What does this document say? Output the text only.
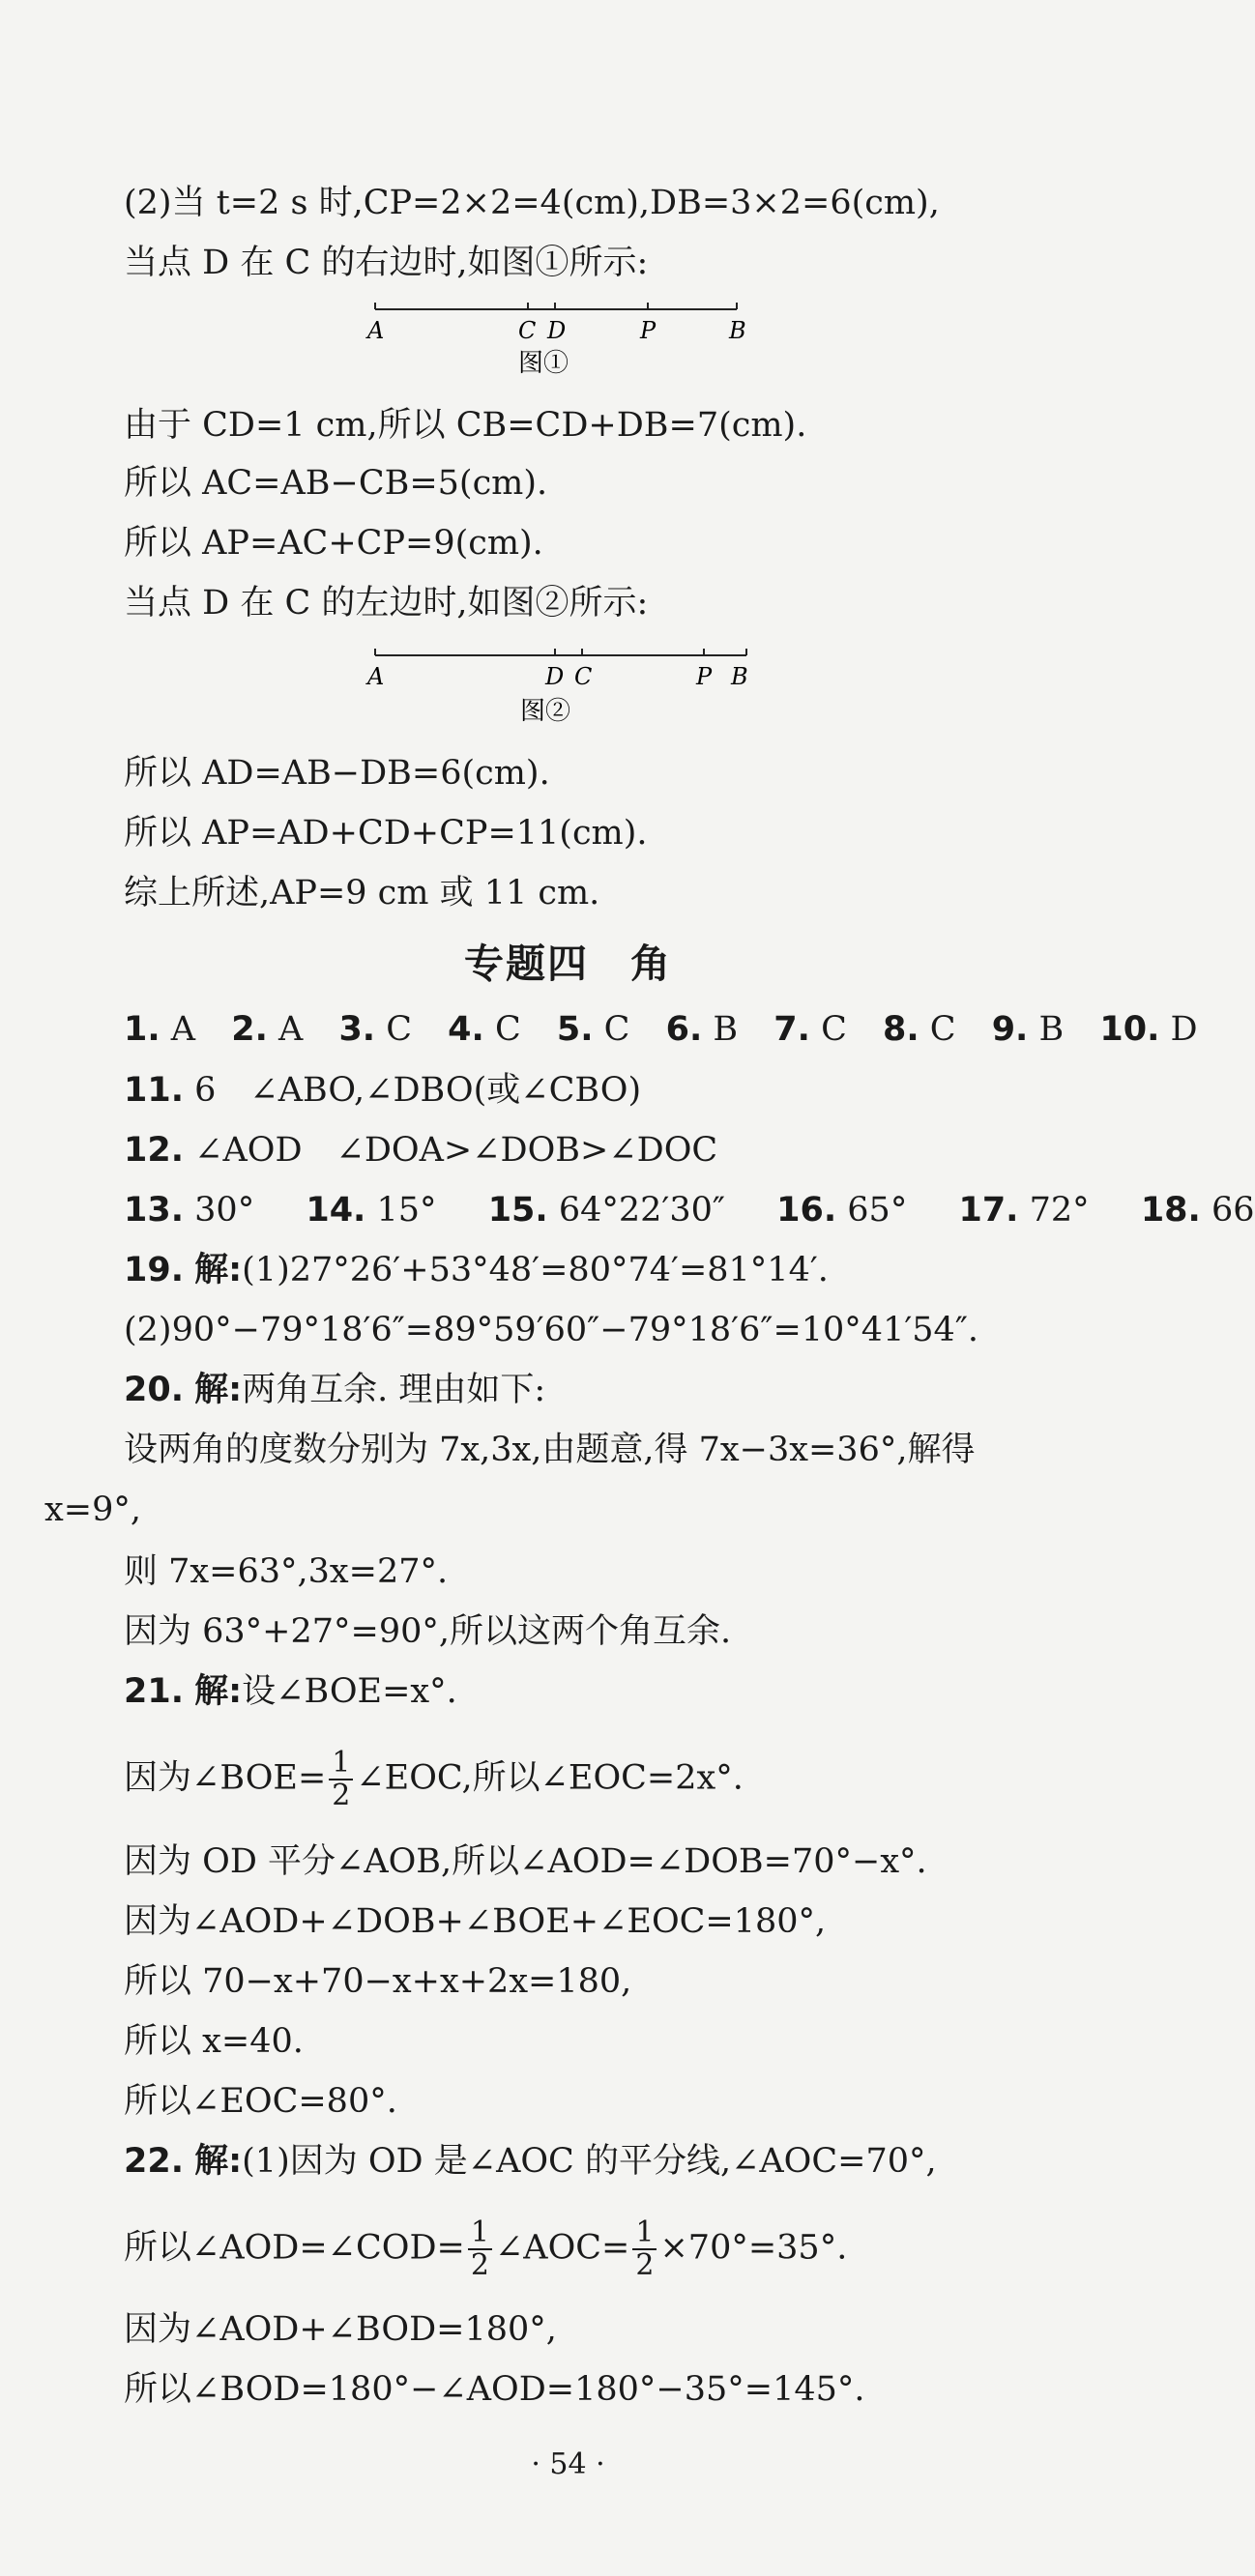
(2)当 t=2 s 时,CP=2×2=4(cm),DB=3×2=6(cm),
当点 D 在 C 的右边时,如图①所示:
A	C D	P	B
图①
由于 CD=1 cm,所以 CB=CD+DB=7(cm).
所以 AC=AB−CB=5(cm).
所以 AP=AC+CP=9(cm).
当点 D 在 C 的左边时,如图②所示:
A	D C	P B
图②
所以 AD=AB−DB=6(cm).
所以 AP=AD+CD+CP=11(cm).
综上所述,AP=9 cm 或 11 cm.
专题四　角
1. A 2. A 3. C 4. C 5. C 6. B 7. C 8. C 9. B 10. D
11. 6　∠ABO,∠DBO(或∠CBO)
12. ∠AOD　∠DOA>∠DOB>∠DOC
13. 30° 14. 15° 15. 64°22′30″ 16. 65° 17. 72° 18. 66
19. 解:(1)27°26′+53°48′=80°74′=81°14′.
(2)90°−79°18′6″=89°59′60″−79°18′6″=10°41′54″.
20. 解:两角互余. 理由如下:
设两角的度数分别为 7x,3x,由题意,得 7x−3x=36°,解得
x=9°,
则 7x=63°,3x=27°.
因为 63°+27°=90°,所以这两个角互余.
21. 解:设∠BOE=x°.
因为∠BOE= $\frac{1}{2}$ ∠EOC,所以∠EOC=2x°.
因为 OD 平分∠AOB,所以∠AOD=∠DOB=70°−x°.
因为∠AOD+∠DOB+∠BOE+∠EOC=180°,
所以 70−x+70−x+x+2x=180,
所以 x=40.
所以∠EOC=80°.
22. 解:(1)因为 OD 是∠AOC 的平分线,∠AOC=70°,
所以∠AOD=∠COD= $\frac{1}{2}$ ∠AOC= $\frac{1}{2} \times 70^\circ=35^\circ$.
因为∠AOD+∠BOD=180°,
所以∠BOD=180°−∠AOD=180°−35°=145°.
· 54 ·
